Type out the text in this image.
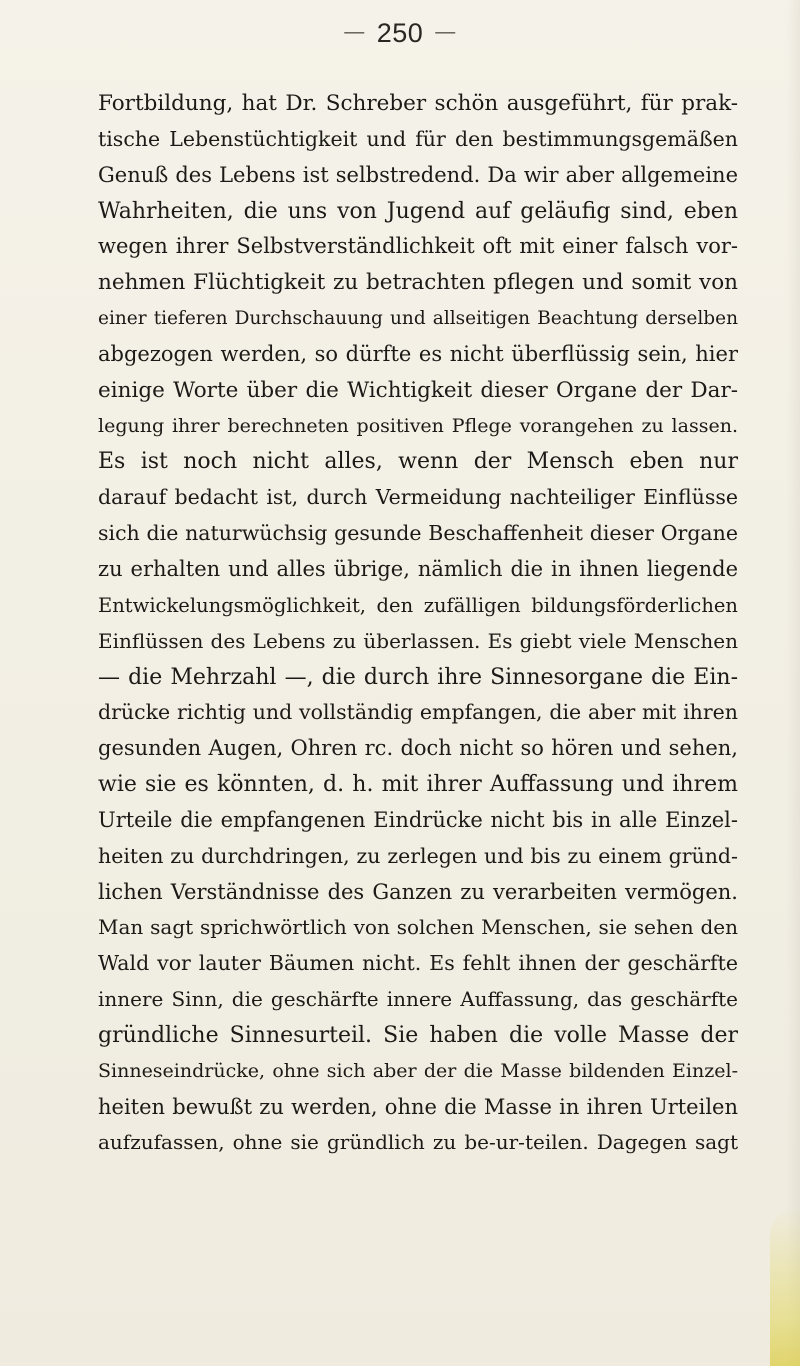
— 250 —
Fortbildung, hat Dr. Schreber schön ausgeführt, für prak-
tische Lebenstüchtigkeit und für den bestimmungsgemäßen
Genuß des Lebens ist selbstredend. Da wir aber allgemeine
Wahrheiten, die uns von Jugend auf geläufig sind, eben
wegen ihrer Selbstverständlichkeit oft mit einer falsch vor-
nehmen Flüchtigkeit zu betrachten pflegen und somit von
einer tieferen Durchschauung und allseitigen Beachtung derselben
abgezogen werden, so dürfte es nicht überflüssig sein, hier
einige Worte über die Wichtigkeit dieser Organe der Dar-
legung ihrer berechneten positiven Pflege vorangehen zu lassen.
Es ist noch nicht alles, wenn der Mensch eben nur
darauf bedacht ist, durch Vermeidung nachteiliger Einflüsse
sich die naturwüchsig gesunde Beschaffenheit dieser Organe
zu erhalten und alles übrige, nämlich die in ihnen liegende
Entwickelungsmöglichkeit, den zufälligen bildungsförderlichen
Einflüssen des Lebens zu überlassen. Es giebt viele Menschen
— die Mehrzahl —, die durch ihre Sinnesorgane die Ein-
drücke richtig und vollständig empfangen, die aber mit ihren
gesunden Augen, Ohren rc. doch nicht so hören und sehen,
wie sie es könnten, d. h. mit ihrer Auffassung und ihrem
Urteile die empfangenen Eindrücke nicht bis in alle Einzel-
heiten zu durchdringen, zu zerlegen und bis zu einem gründ-
lichen Verständnisse des Ganzen zu verarbeiten vermögen.
Man sagt sprichwörtlich von solchen Menschen, sie sehen den
Wald vor lauter Bäumen nicht. Es fehlt ihnen der geschärfte
innere Sinn, die geschärfte innere Auffassung, das geschärfte
gründliche Sinnesurteil. Sie haben die volle Masse der
Sinneseindrücke, ohne sich aber der die Masse bildenden Einzel-
heiten bewußt zu werden, ohne die Masse in ihren Urteilen
aufzufassen, ohne sie gründlich zu be-ur-teilen. Dagegen sagt
